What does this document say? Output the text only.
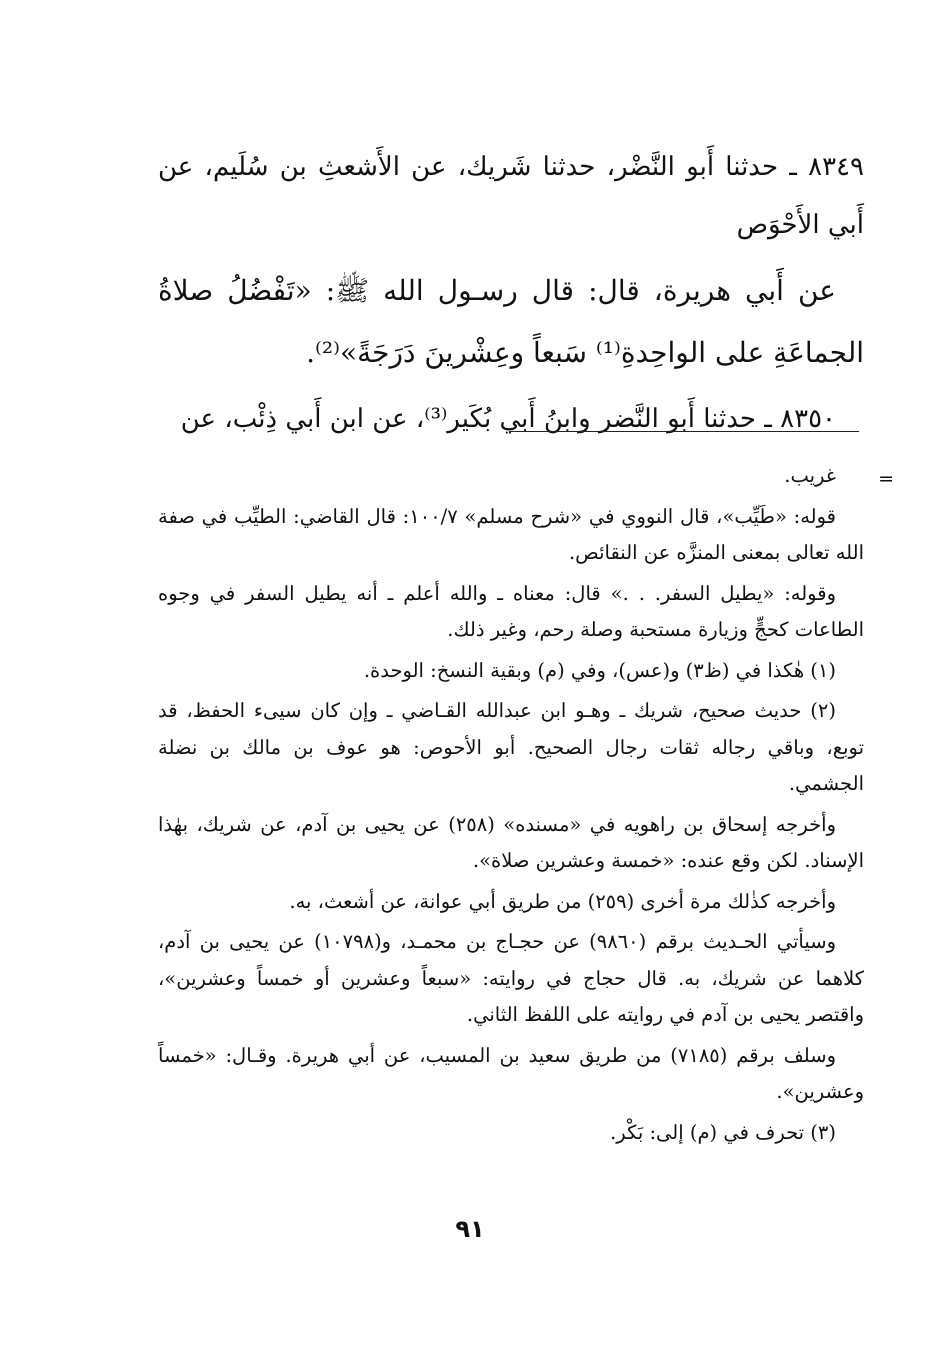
٨٣٤٩ ـ حدثنا أَبو النَّضْر، حدثنا شَريك، عن الأَشعثِ بن سُلَيم، عن أَبي الأَحْوَص

عن أَبي هريرة، قال: قال رسـول الله ﷺ: «تَفْضُلُ صلاةُ الجماعَةِ على الواحِدةِ⁽¹⁾ سَبعاً وعِشْرينَ دَرَجَةً»⁽²⁾.

٨٣٥٠ ـ حدثنا أَبو النَّضر وابنُ أَبي بُكَير⁽³⁾، عن ابن أَبي ذِئْب، عن

=

غريب.

قوله: «طَيِّب»، قال النووي في «شرح مسلم» ١٠٠/٧: قال القاضي: الطيِّب في صفة الله تعالى بمعنى المنزَّه عن النقائص.

وقوله: «يطيل السفر. . .» قال: معناه ـ والله أعلم ـ أنه يطيل السفر في وجوه الطاعات كحجٍّ وزيارة مستحبة وصلة رحم، وغير ذلك.

(١) هٰكذا في (ظ٣) و(عس)، وفي (م) وبقية النسخ: الوحدة.

(٢) حديث صحيح، شريك ـ وهـو ابن عبدالله القـاضي ـ وإن كان سيىء الحفظ، قد توبع، وباقي رجاله ثقات رجال الصحيح. أبو الأحوص: هو عوف بن مالك بن نضلة الجشمي.

وأخرجه إسحاق بن راهويه في «مسنده» (٢٥٨) عن يحيى بن آدم، عن شريك، بهٰذا الإسناد. لكن وقع عنده: «خمسة وعشرين صلاة».

وأخرجه كذٰلك مرة أخرى (٢٥٩) من طريق أبي عوانة، عن أشعث، به.

وسيأتي الحـديث برقم (٩٨٦٠) عن حجـاج بن محمـد، و(١٠٧٩٨) عن يحيى بن آدم، كلاهما عن شريك، به. قال حجاج في روايته: «سبعاً وعشرين أو خمساً وعشرين»، واقتصر يحيى بن آدم في روايته على اللفظ الثاني.

وسلف برقم (٧١٨٥) من طريق سعيد بن المسيب، عن أبي هريرة. وقـال: «خمساً وعشرين».

(٣) تحرف في (م) إلى: بَكْر.

٩١
